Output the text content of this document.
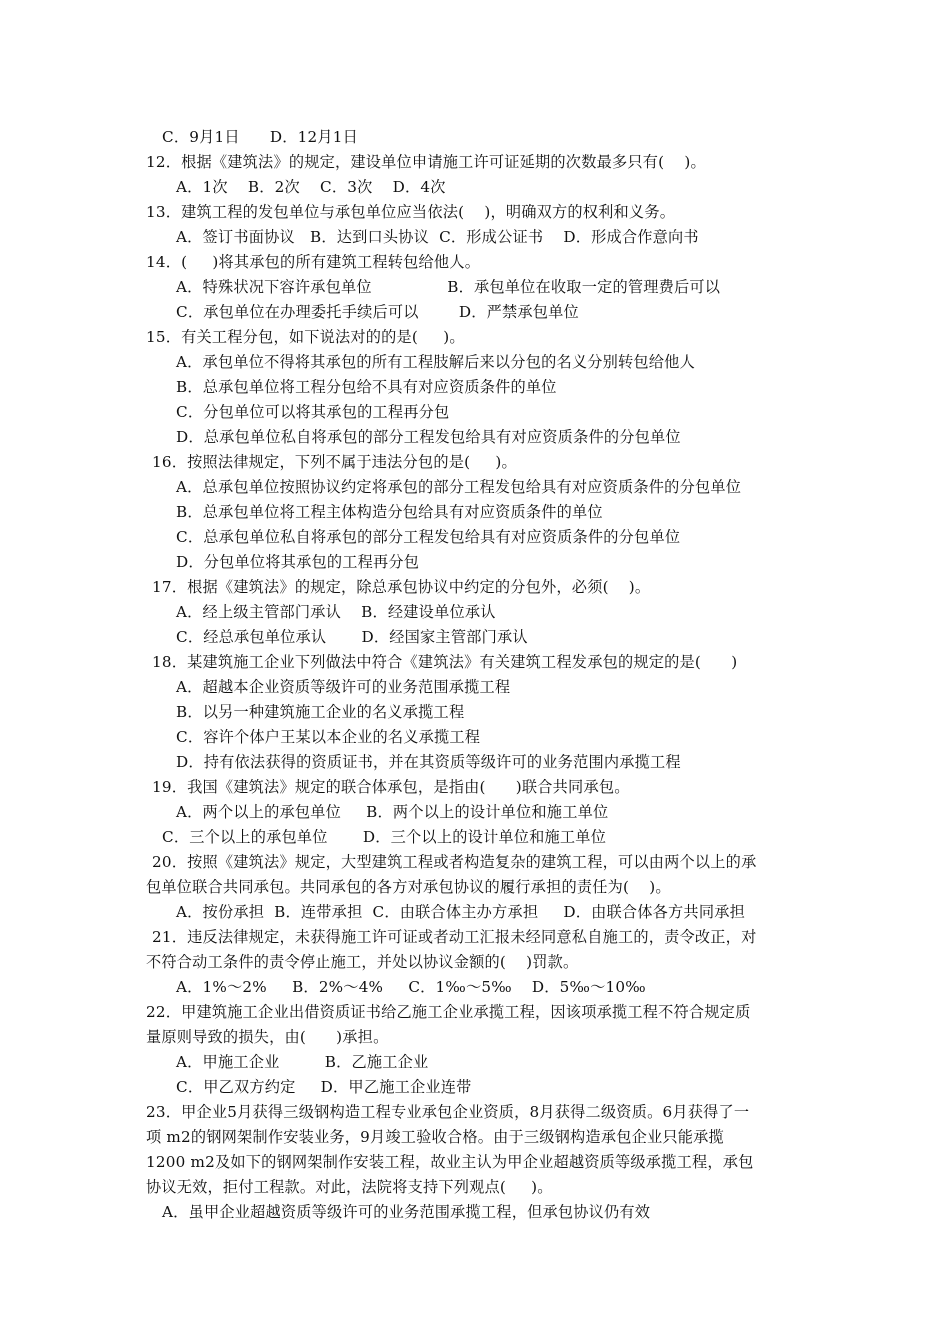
C．9月1日      D．12月1日
12．根据《建筑法》的规定，建设单位申请施工许可证延期的次数最多只有(    )。
A．1次    B．2次    C．3次    D．4次
13．建筑工程的发包单位与承包单位应当依法(    )，明确双方的权利和义务。
A．签订书面协议   B．达到口头协议  C．形成公证书    D．形成合作意向书
14．(     )将其承包的所有建筑工程转包给他人。
A．特殊状况下容许承包单位               B．承包单位在收取一定的管理费后可以
C．承包单位在办理委托手续后可以        D．严禁承包单位
15．有关工程分包，如下说法对的的是(     )。
A．承包单位不得将其承包的所有工程肢解后来以分包的名义分别转包给他人
B．总承包单位将工程分包给不具有对应资质条件的单位
C．分包单位可以将其承包的工程再分包
D．总承包单位私自将承包的部分工程发包给具有对应资质条件的分包单位
16．按照法律规定，下列不属于违法分包的是(     )。
A．总承包单位按照协议约定将承包的部分工程发包给具有对应资质条件的分包单位
B．总承包单位将工程主体构造分包给具有对应资质条件的单位
C．总承包单位私自将承包的部分工程发包给具有对应资质条件的分包单位
D．分包单位将其承包的工程再分包
17．根据《建筑法》的规定，除总承包协议中约定的分包外，必须(    )。
A．经上级主管部门承认    B．经建设单位承认
C．经总承包单位承认       D．经国家主管部门承认
18．某建筑施工企业下列做法中符合《建筑法》有关建筑工程发承包的规定的是(      )
A．超越本企业资质等级许可的业务范围承揽工程
B．以另一种建筑施工企业的名义承揽工程
C．容许个体户王某以本企业的名义承揽工程
D．持有依法获得的资质证书，并在其资质等级许可的业务范围内承揽工程
19．我国《建筑法》规定的联合体承包，是指由(      )联合共同承包。
A．两个以上的承包单位     B．两个以上的设计单位和施工单位
C．三个以上的承包单位       D．三个以上的设计单位和施工单位
20．按照《建筑法》规定，大型建筑工程或者构造复杂的建筑工程，可以由两个以上的承
包单位联合共同承包。共同承包的各方对承包协议的履行承担的责任为(    )。
A．按份承担  B．连带承担  C．由联合体主办方承担     D．由联合体各方共同承担
21．违反法律规定，未获得施工许可证或者动工汇报未经同意私自施工的，责令改正，对
不符合动工条件的责令停止施工，并处以协议金额的(    )罚款。
A．1%～2%     B．2%～4%     C．1‰～5‰    D．5‰～10‰
22．甲建筑施工企业出借资质证书给乙施工企业承揽工程，因该项承揽工程不符合规定质
量原则导致的损失，由(      )承担。
A．甲施工企业         B．乙施工企业
C．甲乙双方约定     D．甲乙施工企业连带
23．甲企业5月获得三级钢构造工程专业承包企业资质，8月获得二级资质。6月获得了一
项 m2的钢网架制作安装业务，9月竣工验收合格。由于三级钢构造承包企业只能承揽
1200 m2及如下的钢网架制作安装工程，故业主认为甲企业超越资质等级承揽工程，承包
协议无效，拒付工程款。对此，法院将支持下列观点(     )。
A．虽甲企业超越资质等级许可的业务范围承揽工程，但承包协议仍有效
